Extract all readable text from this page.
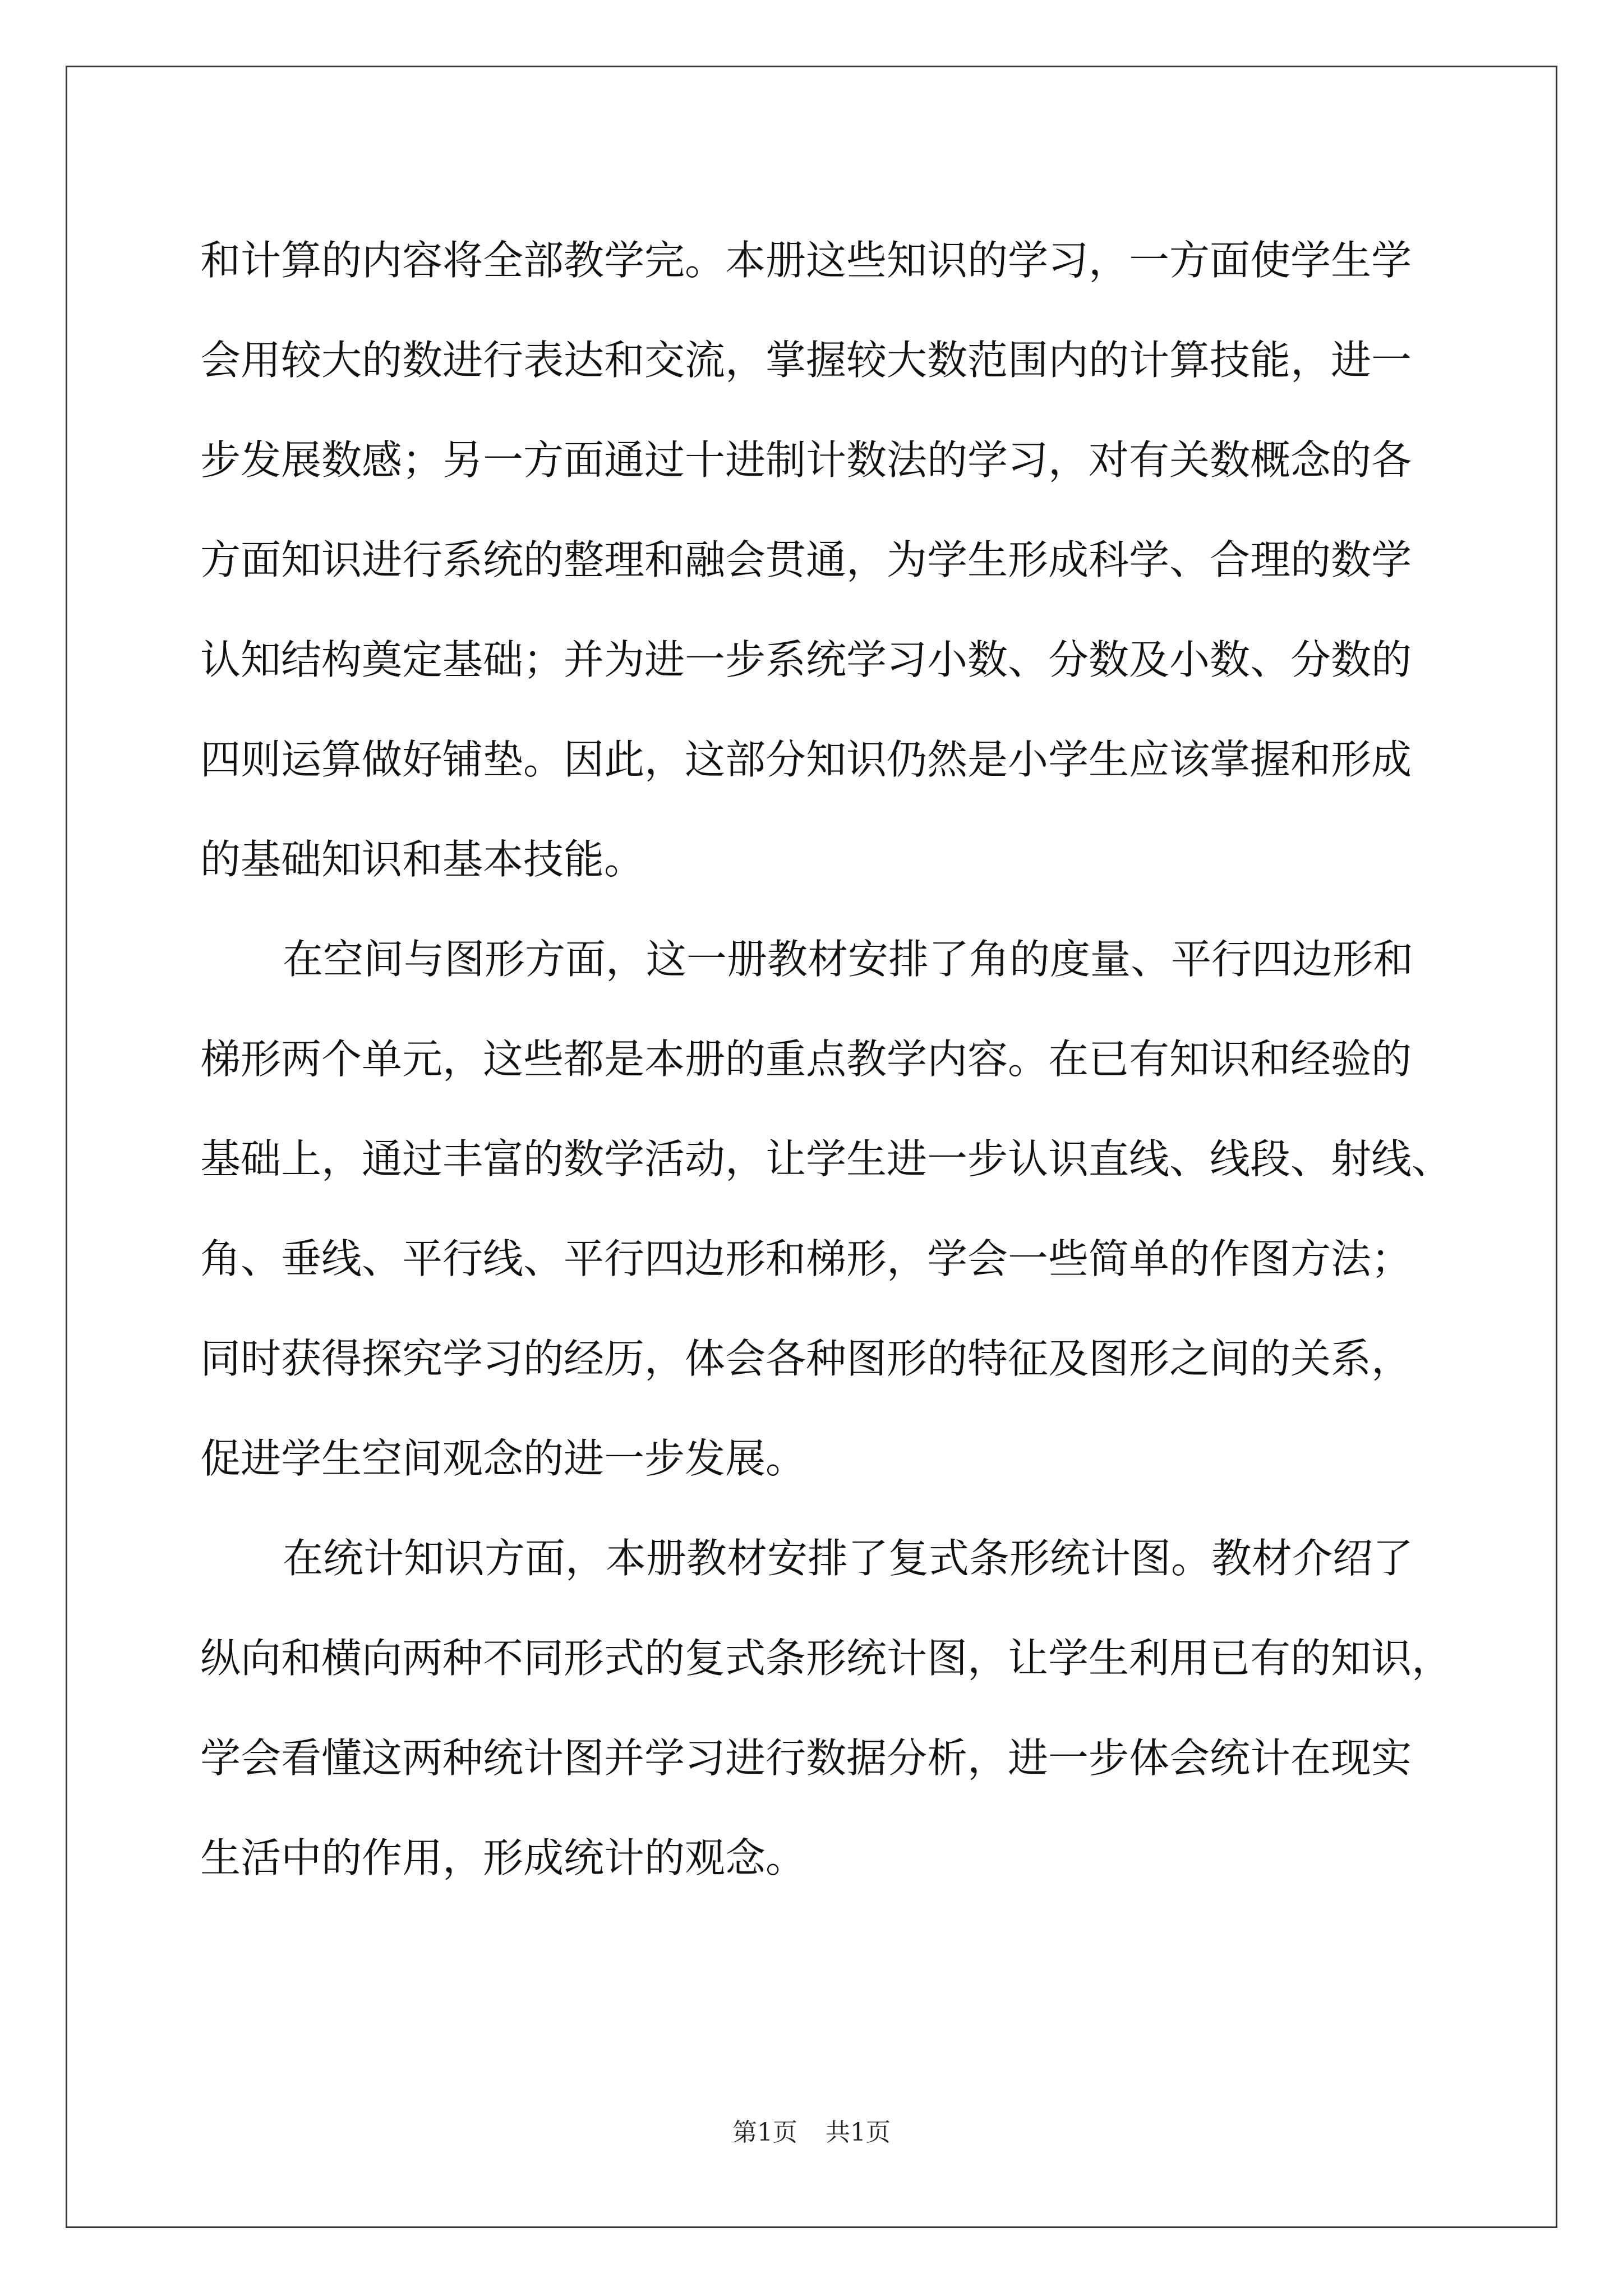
和计算的内容将全部教学完。本册这些知识的学习，一方面使学生学
会用较大的数进行表达和交流，掌握较大数范围内的计算技能，进一
步发展数感；另一方面通过十进制计数法的学习，对有关数概念的各
方面知识进行系统的整理和融会贯通，为学生形成科学、合理的数学
认知结构奠定基础；并为进一步系统学习小数、分数及小数、分数的
四则运算做好铺垫。因此，这部分知识仍然是小学生应该掌握和形成
的基础知识和基本技能。
在空间与图形方面，这一册教材安排了角的度量、平行四边形和
梯形两个单元，这些都是本册的重点教学内容。在已有知识和经验的
基础上，通过丰富的数学活动，让学生进一步认识直线、线段、射线、
角、垂线、平行线、平行四边形和梯形，学会一些简单的作图方法；
同时获得探究学习的经历，体会各种图形的特征及图形之间的关系，
促进学生空间观念的进一步发展。
在统计知识方面，本册教材安排了复式条形统计图。教材介绍了
纵向和横向两种不同形式的复式条形统计图，让学生利用已有的知识，
学会看懂这两种统计图并学习进行数据分析，进一步体会统计在现实
生活中的作用，形成统计的观念。
第1页 共1页
